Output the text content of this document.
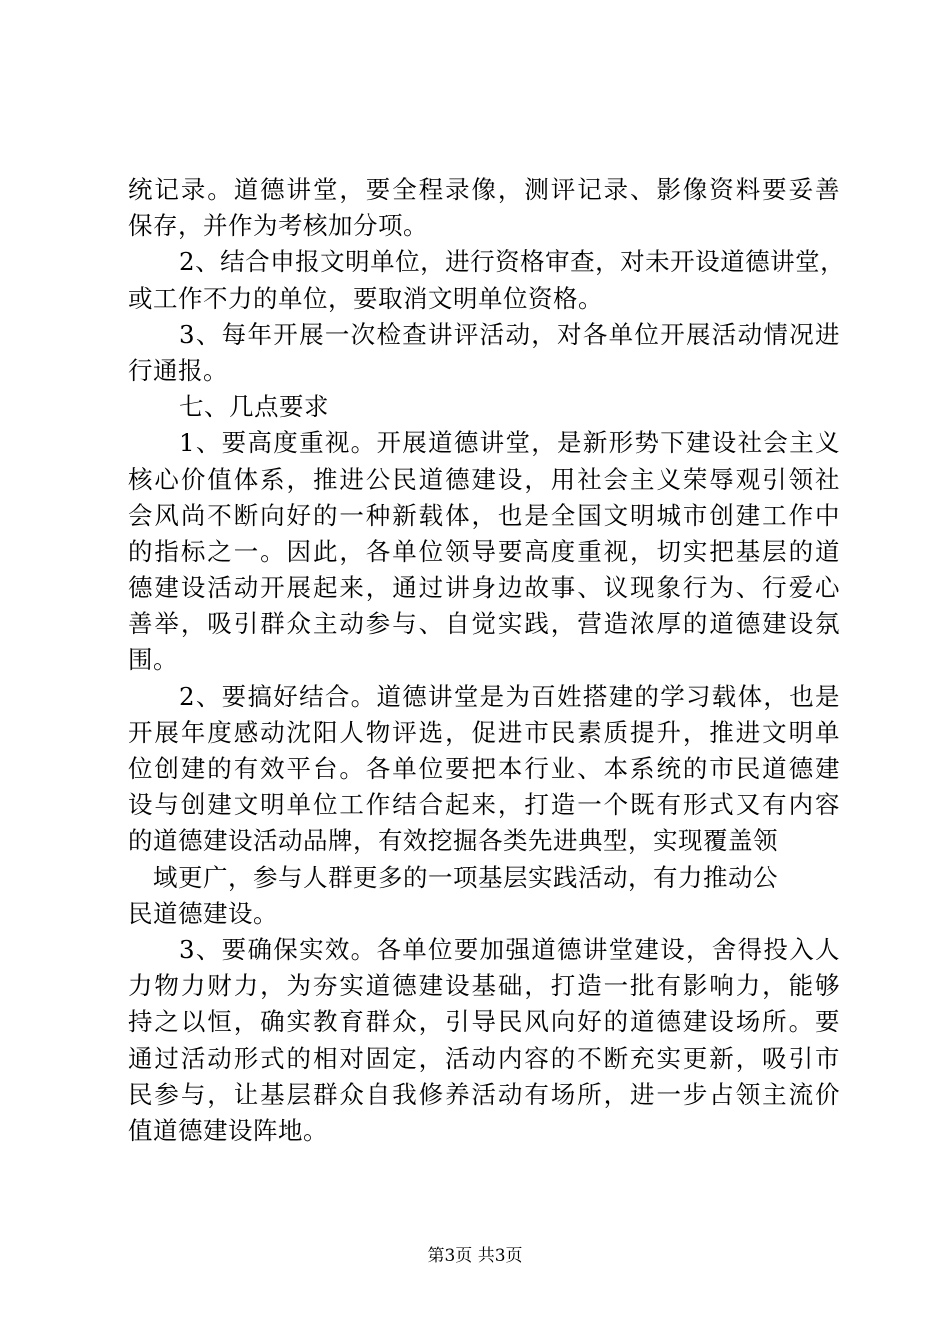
统记录。道德讲堂，要全程录像，测评记录、影像资料要妥善
保存，并作为考核加分项。
2、结合申报文明单位，进行资格审查，对未开设道德讲堂，
或工作不力的单位，要取消文明单位资格。
3、每年开展一次检查讲评活动，对各单位开展活动情况进
行通报。
七、几点要求
1、要高度重视。开展道德讲堂，是新形势下建设社会主义
核心价值体系，推进公民道德建设，用社会主义荣辱观引领社
会风尚不断向好的一种新载体，也是全国文明城市创建工作中
的指标之一。因此，各单位领导要高度重视，切实把基层的道
德建设活动开展起来，通过讲身边故事、议现象行为、行爱心
善举，吸引群众主动参与、自觉实践，营造浓厚的道德建设氛
围。
2、要搞好结合。道德讲堂是为百姓搭建的学习载体，也是
开展年度感动沈阳人物评选，促进市民素质提升，推进文明单
位创建的有效平台。各单位要把本行业、本系统的市民道德建
设与创建文明单位工作结合起来，打造一个既有形式又有内容
的道德建设活动品牌，有效挖掘各类先进典型，实现覆盖领
域更广，参与人群更多的一项基层实践活动，有力推动公
民道德建设。
3、要确保实效。各单位要加强道德讲堂建设，舍得投入人
力物力财力，为夯实道德建设基础，打造一批有影响力，能够
持之以恒，确实教育群众，引导民风向好的道德建设场所。要
通过活动形式的相对固定，活动内容的不断充实更新，吸引市
民参与，让基层群众自我修养活动有场所，进一步占领主流价
值道德建设阵地。
第3页 共3页
